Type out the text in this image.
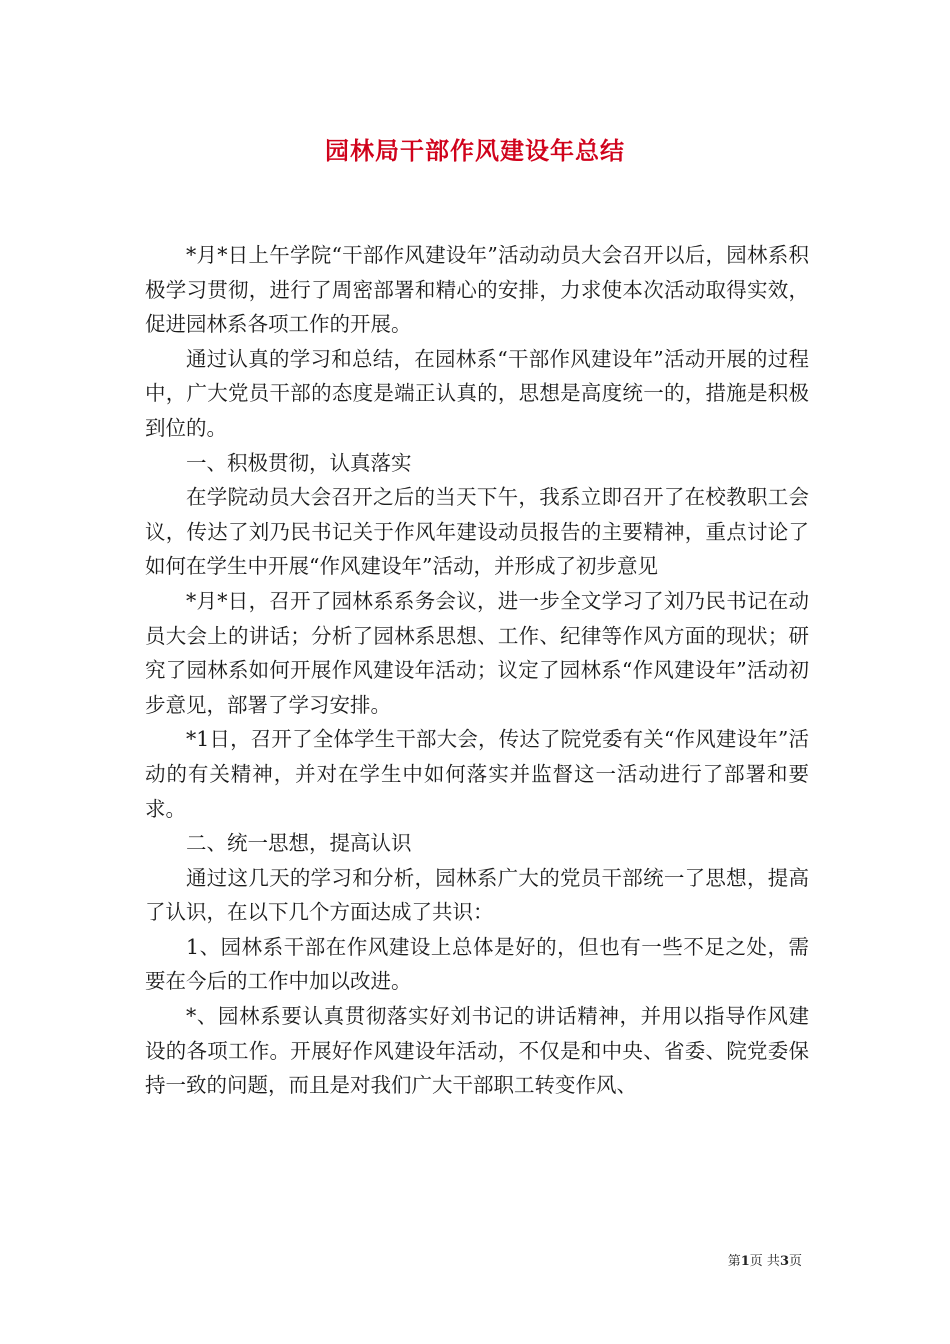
园林局干部作风建设年总结

*月*日上午学院“干部作风建设年”活动动员大会召开以后，园林系积极学习贯彻，进行了周密部署和精心的安排，力求使本次活动取得实效，促进园林系各项工作的开展。

通过认真的学习和总结，在园林系“干部作风建设年”活动开展的过程中，广大党员干部的态度是端正认真的，思想是高度统一的，措施是积极到位的。

一、积极贯彻，认真落实

在学院动员大会召开之后的当天下午，我系立即召开了在校教职工会议，传达了刘乃民书记关于作风年建设动员报告的主要精神，重点讨论了如何在学生中开展“作风建设年”活动，并形成了初步意见

*月*日，召开了园林系系务会议，进一步全文学习了刘乃民书记在动员大会上的讲话；分析了园林系思想、工作、纪律等作风方面的现状；研究了园林系如何开展作风建设年活动；议定了园林系“作风建设年”活动初步意见，部署了学习安排。

*1日，召开了全体学生干部大会，传达了院党委有关“作风建设年”活动的有关精神，并对在学生中如何落实并监督这一活动进行了部署和要求。

二、统一思想，提高认识

通过这几天的学习和分析，园林系广大的党员干部统一了思想，提高了认识，在以下几个方面达成了共识：

1、园林系干部在作风建设上总体是好的，但也有一些不足之处，需要在今后的工作中加以改进。

*、园林系要认真贯彻落实好刘书记的讲话精神，并用以指导作风建设的各项工作。开展好作风建设年活动，不仅是和中央、省委、院党委保持一致的问题，而且是对我们广大干部职工转变作风、

第1页 共3页
